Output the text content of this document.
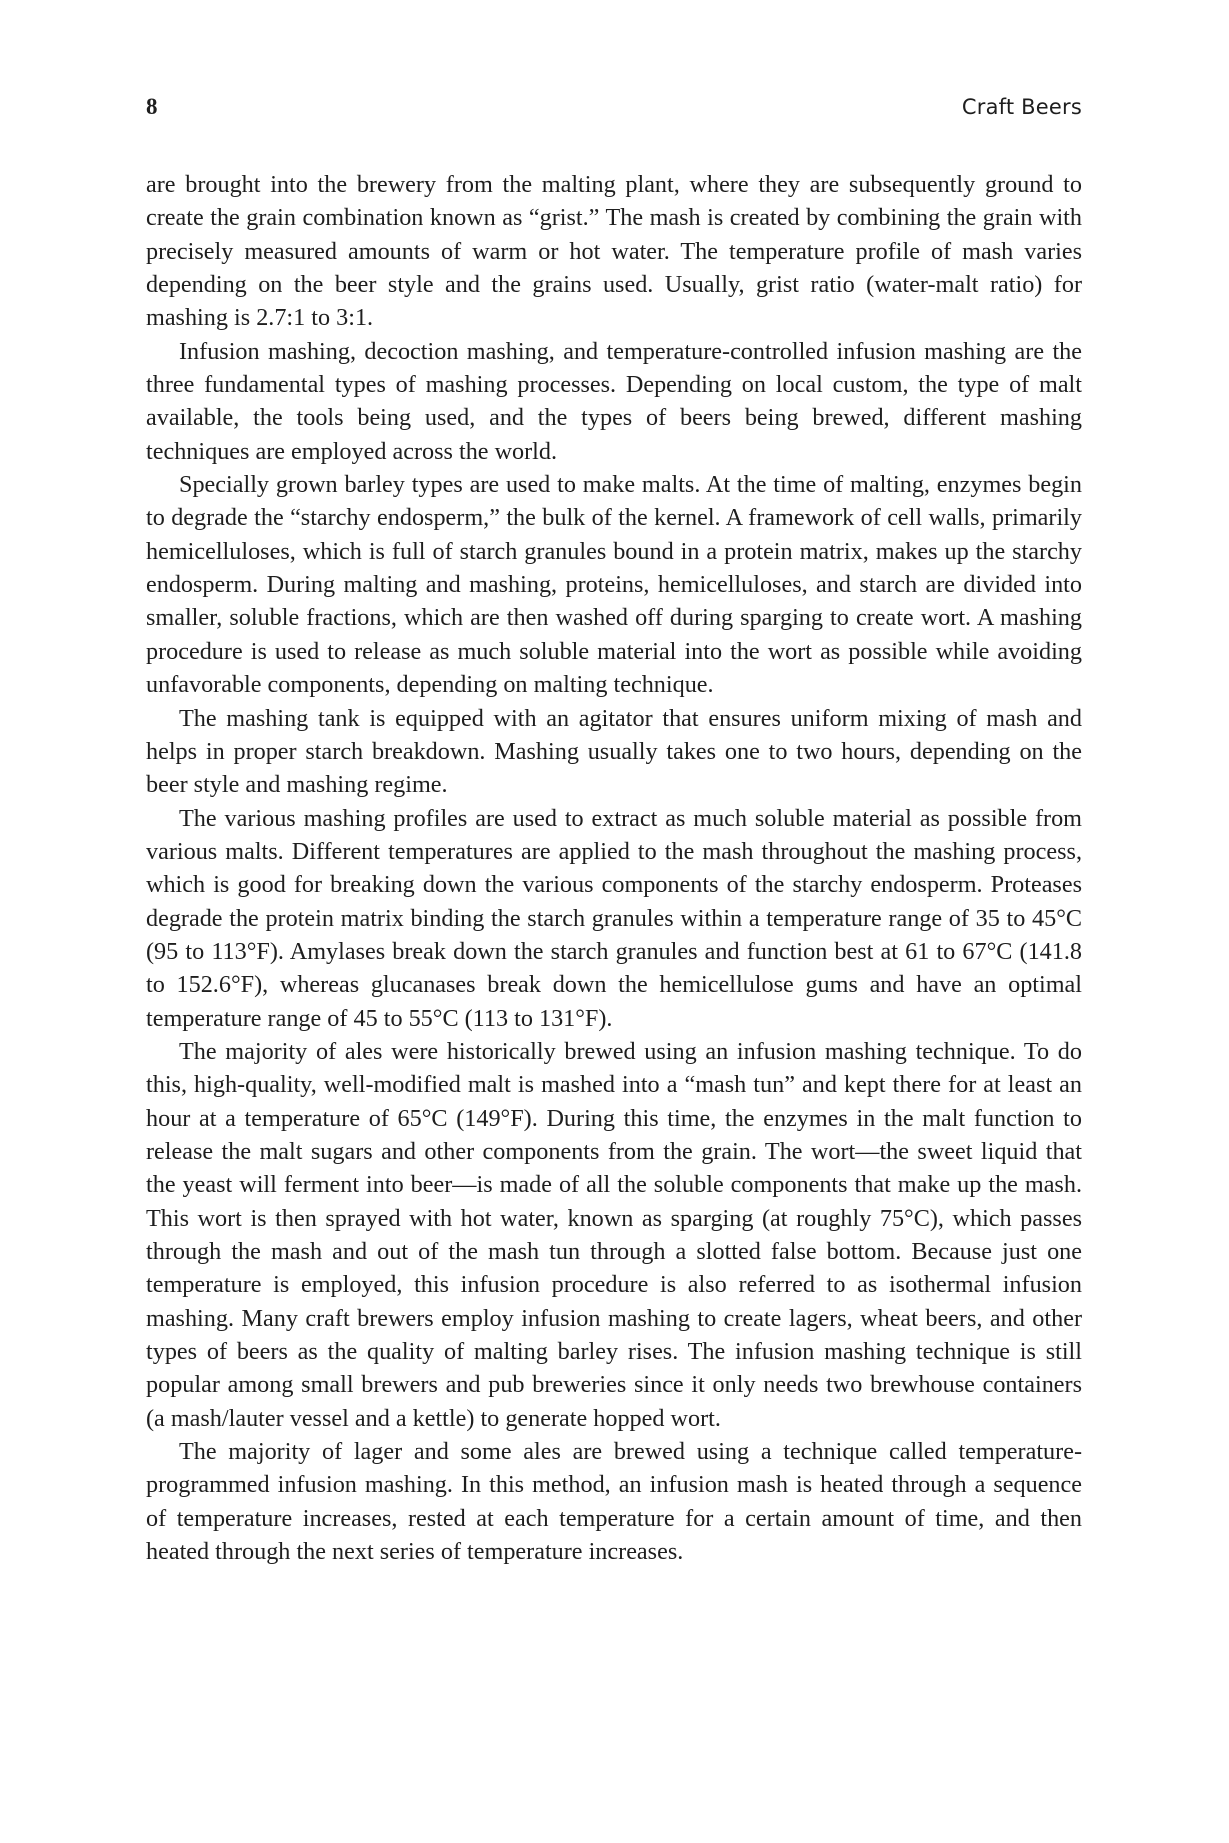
8	Craft Beers

are brought into the brewery from the malting plant, where they are subsequently ground to create the grain combination known as “grist.” The mash is created by combining the grain with precisely measured amounts of warm or hot water. The temperature profile of mash varies depending on the beer style and the grains used. Usually, grist ratio (water-malt ratio) for mashing is 2.7:1 to 3:1.

Infusion mashing, decoction mashing, and temperature-controlled infusion mashing are the three fundamental types of mashing processes. Depending on local custom, the type of malt available, the tools being used, and the types of beers being brewed, different mashing techniques are employed across the world.

Specially grown barley types are used to make malts. At the time of malting, enzymes begin to degrade the “starchy endosperm,” the bulk of the kernel. A framework of cell walls, primarily hemicelluloses, which is full of starch granules bound in a protein matrix, makes up the starchy endosperm. During malting and mashing, proteins, hemicelluloses, and starch are divided into smaller, soluble fractions, which are then washed off during sparging to create wort. A mashing procedure is used to release as much soluble material into the wort as possible while avoiding unfavorable components, depending on malting technique.

The mashing tank is equipped with an agitator that ensures uniform mixing of mash and helps in proper starch breakdown. Mashing usually takes one to two hours, depending on the beer style and mashing regime.

The various mashing profiles are used to extract as much soluble material as possible from various malts. Different temperatures are applied to the mash throughout the mashing process, which is good for breaking down the various components of the starchy endosperm. Proteases degrade the protein matrix binding the starch granules within a temperature range of 35 to 45°C (95 to 113°F). Amylases break down the starch granules and function best at 61 to 67°C (141.8 to 152.6°F), whereas glucanases break down the hemicellulose gums and have an optimal temperature range of 45 to 55°C (113 to 131°F).

The majority of ales were historically brewed using an infusion mashing technique. To do this, high-quality, well-modified malt is mashed into a “mash tun” and kept there for at least an hour at a temperature of 65°C (149°F). During this time, the enzymes in the malt function to release the malt sugars and other components from the grain. The wort—the sweet liquid that the yeast will ferment into beer—is made of all the soluble components that make up the mash. This wort is then sprayed with hot water, known as sparging (at roughly 75°C), which passes through the mash and out of the mash tun through a slotted false bottom. Because just one temperature is employed, this infusion procedure is also referred to as isothermal infusion mashing. Many craft brewers employ infusion mashing to create lagers, wheat beers, and other types of beers as the quality of malting barley rises. The infusion mashing technique is still popular among small brewers and pub breweries since it only needs two brewhouse containers (a mash/lauter vessel and a kettle) to generate hopped wort.

The majority of lager and some ales are brewed using a technique called temperature-programmed infusion mashing. In this method, an infusion mash is heated through a sequence of temperature increases, rested at each temperature for a certain amount of time, and then heated through the next series of temperature increases.
